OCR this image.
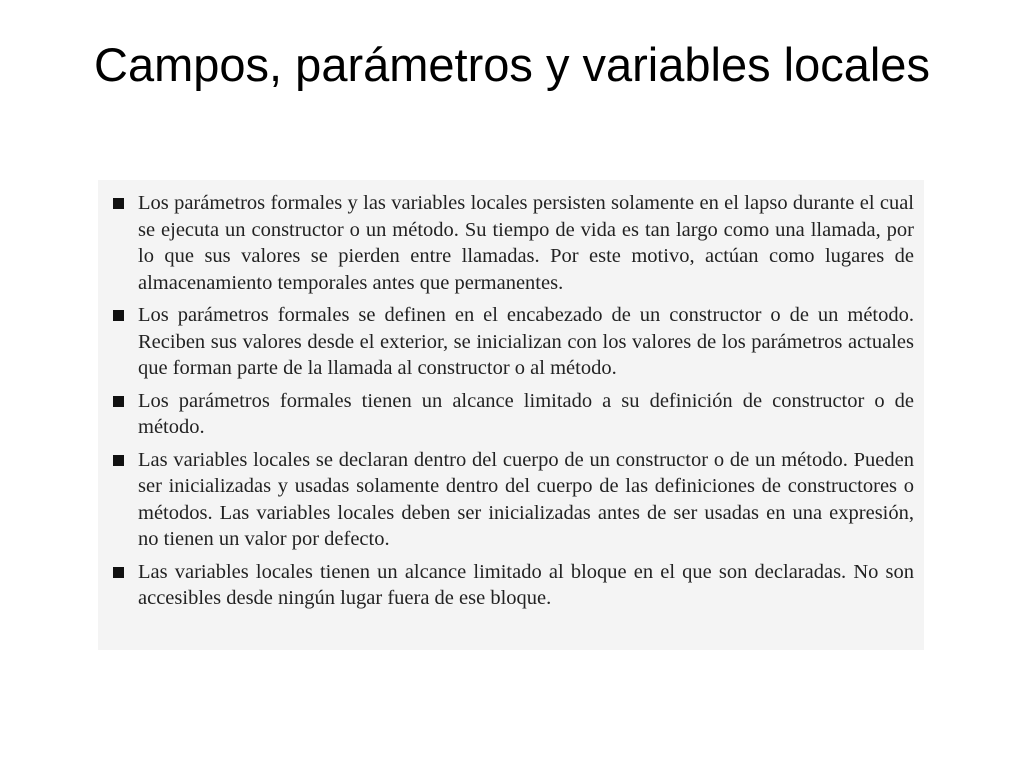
Campos, parámetros y variables locales
Los parámetros formales y las variables locales persisten solamente en el lapso durante el cual se ejecuta un constructor o un método. Su tiempo de vida es tan largo como una llamada, por lo que sus valores se pierden entre llamadas. Por este motivo, actúan como lugares de almacenamiento temporales antes que permanentes.
Los parámetros formales se definen en el encabezado de un constructor o de un método. Reciben sus valores desde el exterior, se inicializan con los valores de los parámetros actuales que forman parte de la llamada al constructor o al método.
Los parámetros formales tienen un alcance limitado a su definición de constructor o de método.
Las variables locales se declaran dentro del cuerpo de un constructor o de un método. Pueden ser inicializadas y usadas solamente dentro del cuerpo de las definiciones de constructores o métodos. Las variables locales deben ser inicializadas antes de ser usadas en una expresión, no tienen un valor por defecto.
Las variables locales tienen un alcance limitado al bloque en el que son declaradas. No son accesibles desde ningún lugar fuera de ese bloque.
